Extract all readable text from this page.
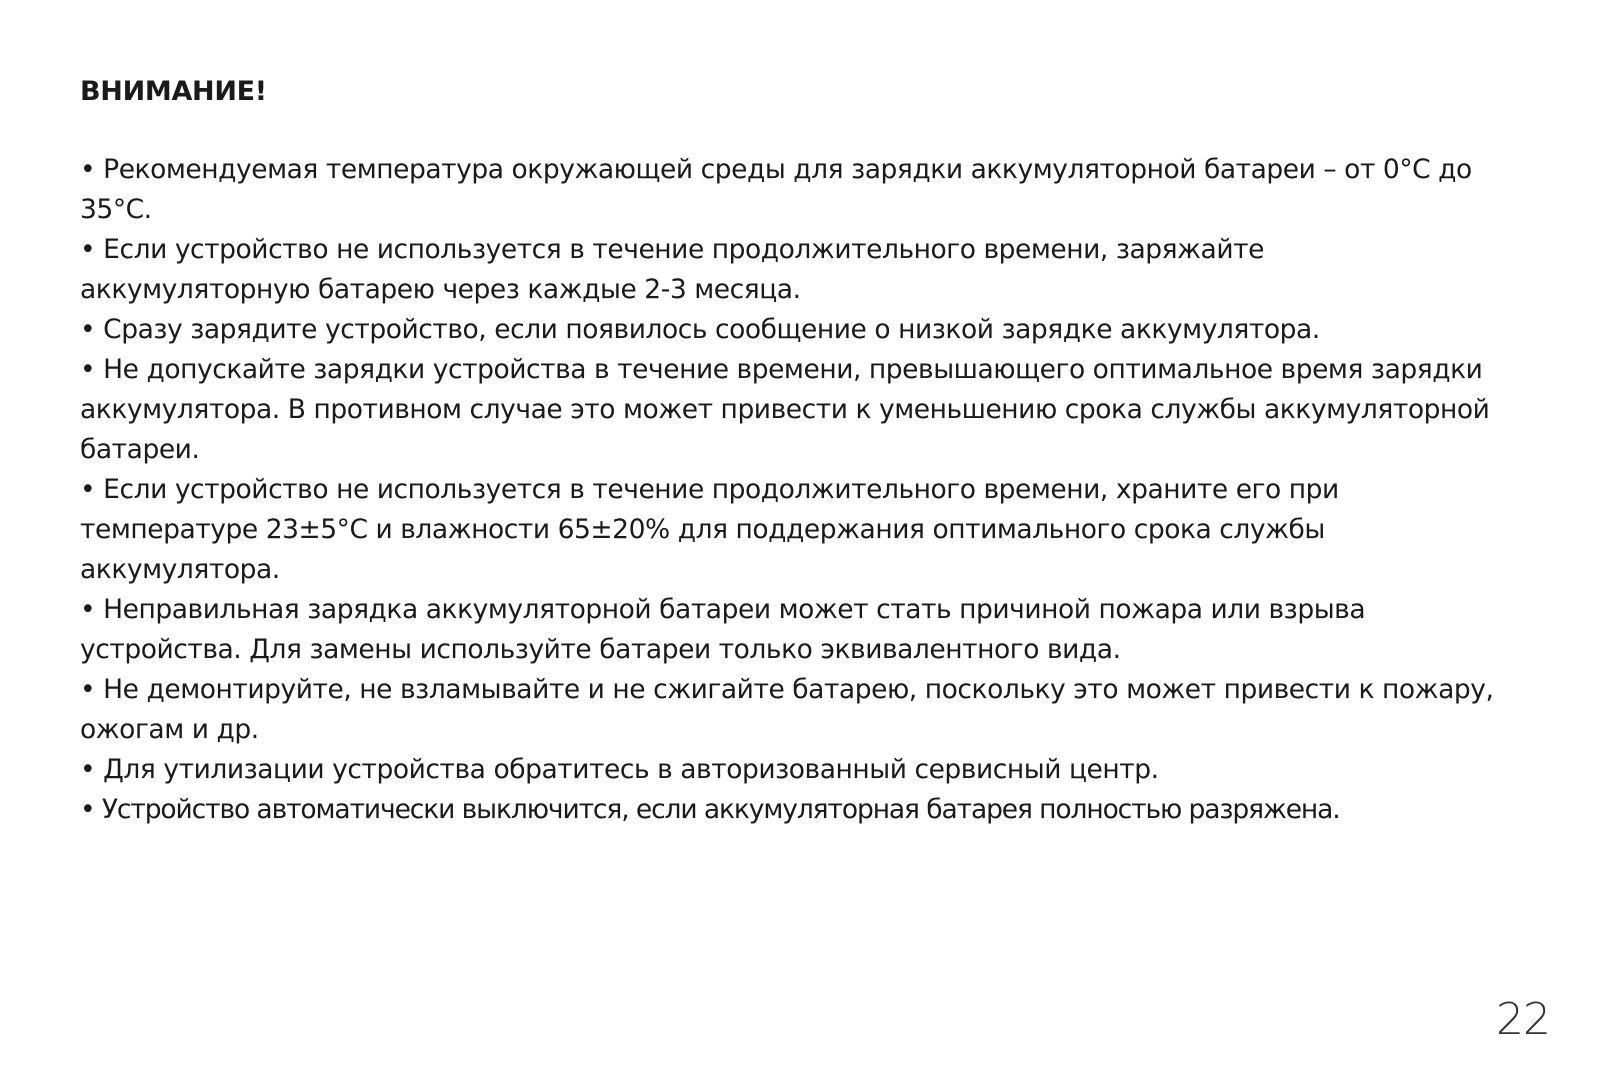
ВНИМАНИЕ!
• Рекомендуемая температура окружающей среды для зарядки аккумуляторной батареи – от 0°C до 35°C.
• Если устройство не используется в течение продолжительного времени, заряжайте аккумуляторную батарею через каждые 2-3 месяца.
• Сразу зарядите устройство, если появилось сообщение о низкой зарядке аккумулятора.
• Не допускайте зарядки устройства в течение времени, превышающего оптимальное время зарядки аккумулятора. В противном случае это может привести к уменьшению срока службы аккумуляторной батареи.
• Если устройство не используется в течение продолжительного времени, храните его при температуре 23±5°C и влажности 65±20% для поддержания оптимального срока службы аккумулятора.
• Неправильная зарядка аккумуляторной батареи может стать причиной пожара или взрыва устройства. Для замены используйте батареи только эквивалентного вида.
• Не демонтируйте, не взламывайте и не сжигайте батарею, поскольку это может привести к пожару, ожогам и др.
• Для утилизации устройства обратитесь в авторизованный сервисный центр.
• Устройство автоматически выключится, если аккумуляторная батарея полностью разряжена.
22
